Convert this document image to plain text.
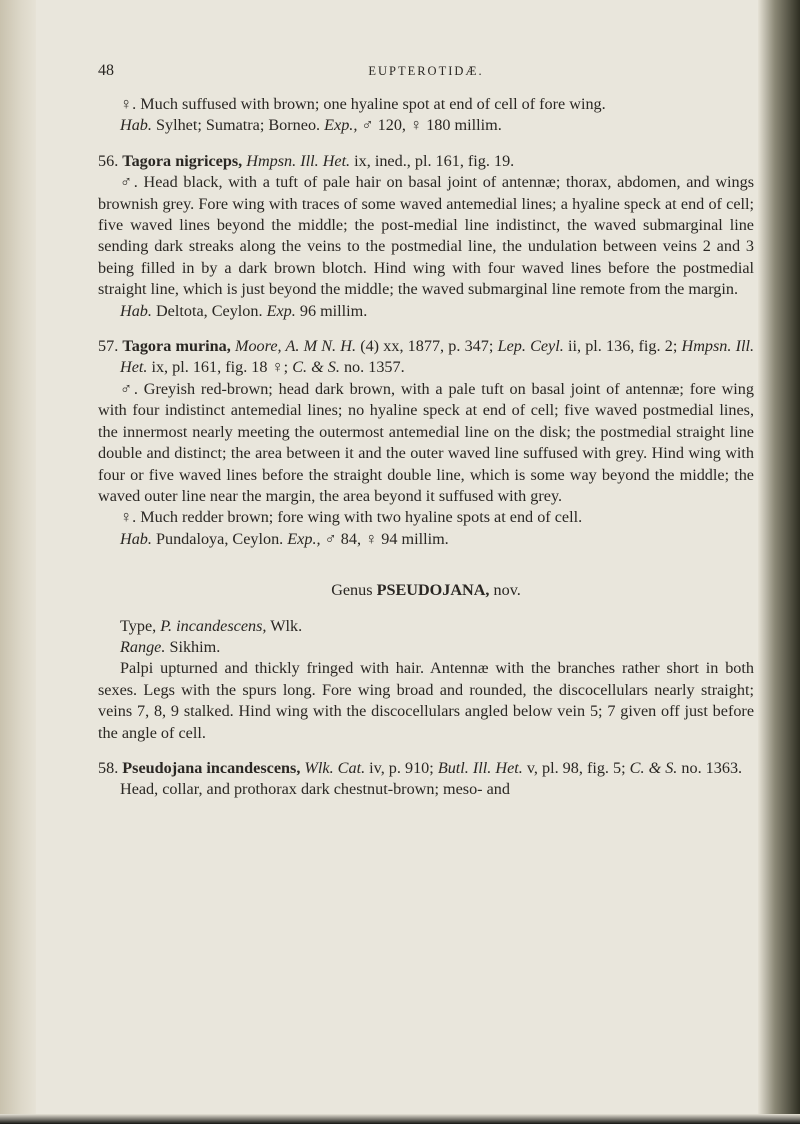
48	EUPTEROTIDÆ.

♀. Much suffused with brown; one hyaline spot at end of cell of fore wing.

Hab. Sylhet; Sumatra; Borneo. Exp., ♂ 120, ♀ 180 millim.

56. Tagora nigriceps, Hmpsn. Ill. Het. ix, ined., pl. 161, fig. 19.

♂. Head black, with a tuft of pale hair on basal joint of antennæ; thorax, abdomen, and wings brownish grey. Fore wing with traces of some waved antemedial lines; a hyaline speck at end of cell; five waved lines beyond the middle; the post-medial line indistinct, the waved submarginal line sending dark streaks along the veins to the postmedial line, the undulation between veins 2 and 3 being filled in by a dark brown blotch. Hind wing with four waved lines before the postmedial straight line, which is just beyond the middle; the waved submarginal line remote from the margin.

Hab. Deltota, Ceylon. Exp. 96 millim.

57. Tagora murina, Moore, A. M N. H. (4) xx, 1877, p. 347; Lep. Ceyl. ii, pl. 136, fig. 2; Hmpsn. Ill. Het. ix, pl. 161, fig. 18 ♀; C. & S. no. 1357.

♂. Greyish red-brown; head dark brown, with a pale tuft on basal joint of antennæ; fore wing with four indistinct antemedial lines; no hyaline speck at end of cell; five waved postmedial lines, the innermost nearly meeting the outermost antemedial line on the disk; the postmedial straight line double and distinct; the area between it and the outer waved line suffused with grey. Hind wing with four or five waved lines before the straight double line, which is some way beyond the middle; the waved outer line near the margin, the area beyond it suffused with grey.

♀. Much redder brown; fore wing with two hyaline spots at end of cell.

Hab. Pundaloya, Ceylon. Exp., ♂ 84, ♀ 94 millim.

Genus PSEUDOJANA, nov.

Type, P. incandescens, Wlk.

Range. Sikhim.

Palpi upturned and thickly fringed with hair. Antennæ with the branches rather short in both sexes. Legs with the spurs long. Fore wing broad and rounded, the discocellulars nearly straight; veins 7, 8, 9 stalked. Hind wing with the discocellulars angled below vein 5; 7 given off just before the angle of cell.

58. Pseudojana incandescens, Wlk. Cat. iv, p. 910; Butl. Ill. Het. v, pl. 98, fig. 5; C. & S. no. 1363.

Head, collar, and prothorax dark chestnut-brown; meso- and
